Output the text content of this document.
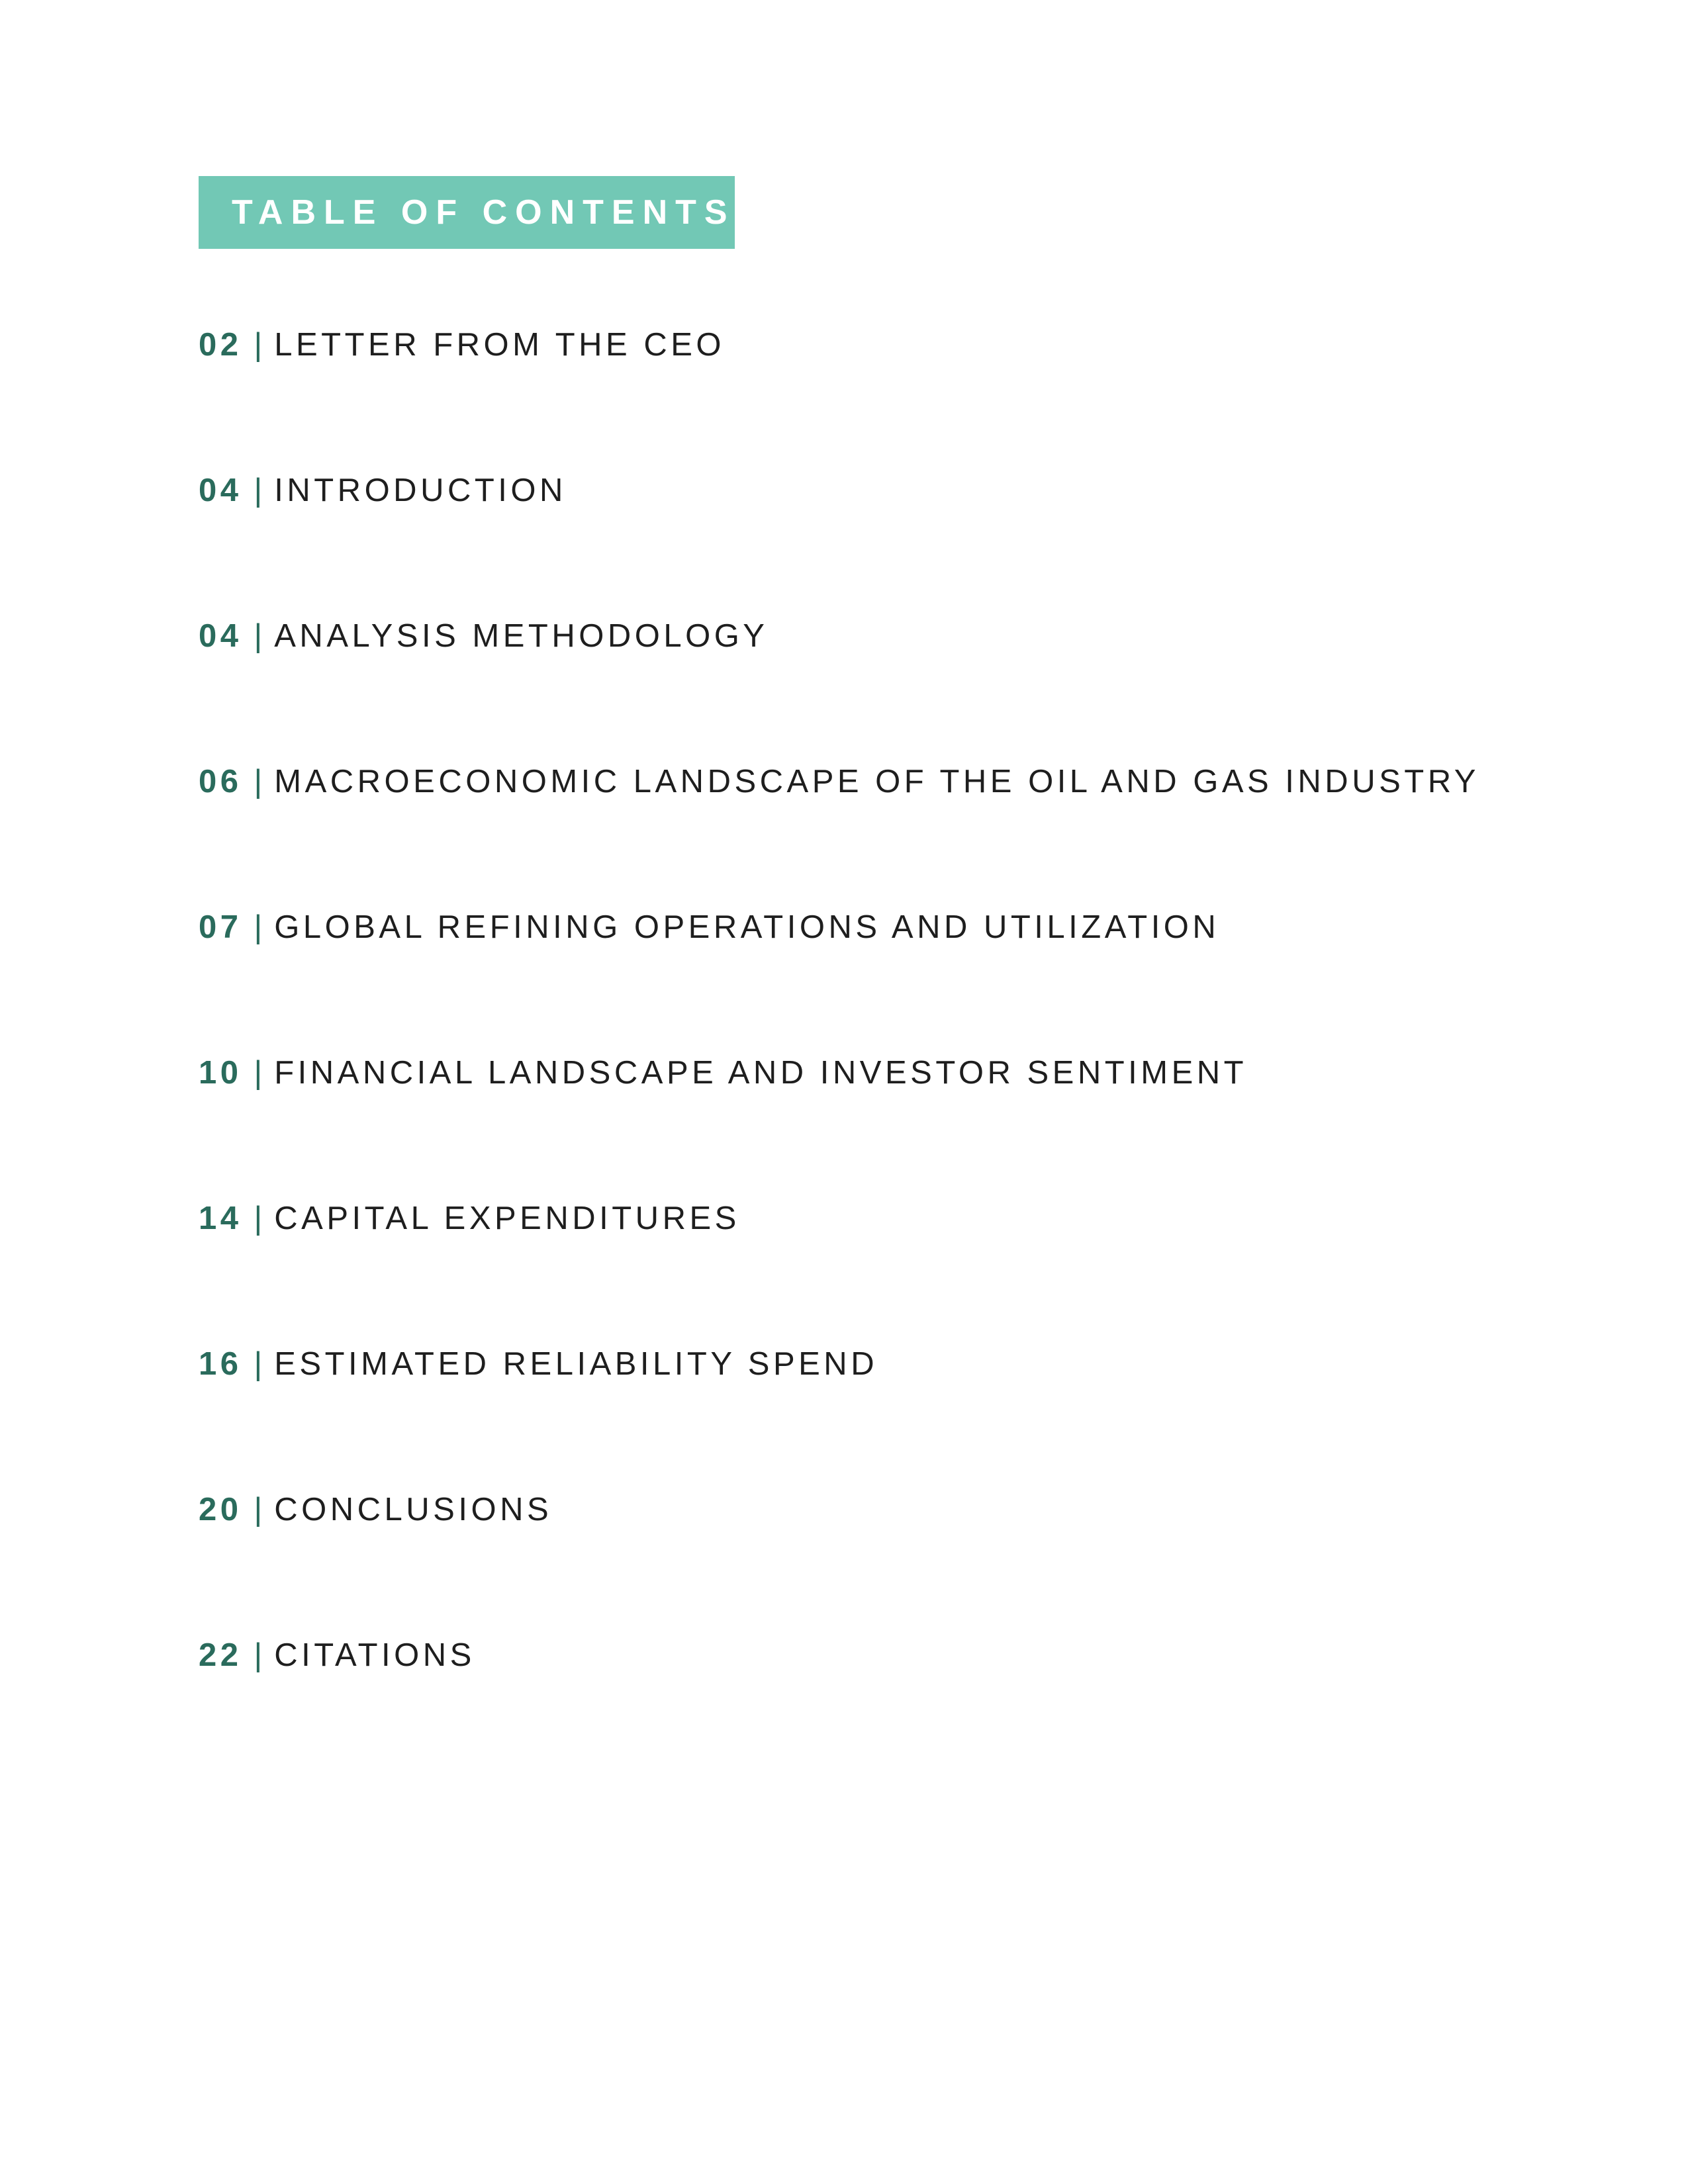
TABLE OF CONTENTS
02 | LETTER FROM THE CEO
04 | INTRODUCTION
04 | ANALYSIS METHODOLOGY
06 | MACROECONOMIC LANDSCAPE OF THE OIL AND GAS INDUSTRY
07 | GLOBAL REFINING OPERATIONS AND UTILIZATION
10 | FINANCIAL LANDSCAPE AND INVESTOR SENTIMENT
14 | CAPITAL EXPENDITURES
16 | ESTIMATED RELIABILITY SPEND
20 | CONCLUSIONS
22 | CITATIONS
